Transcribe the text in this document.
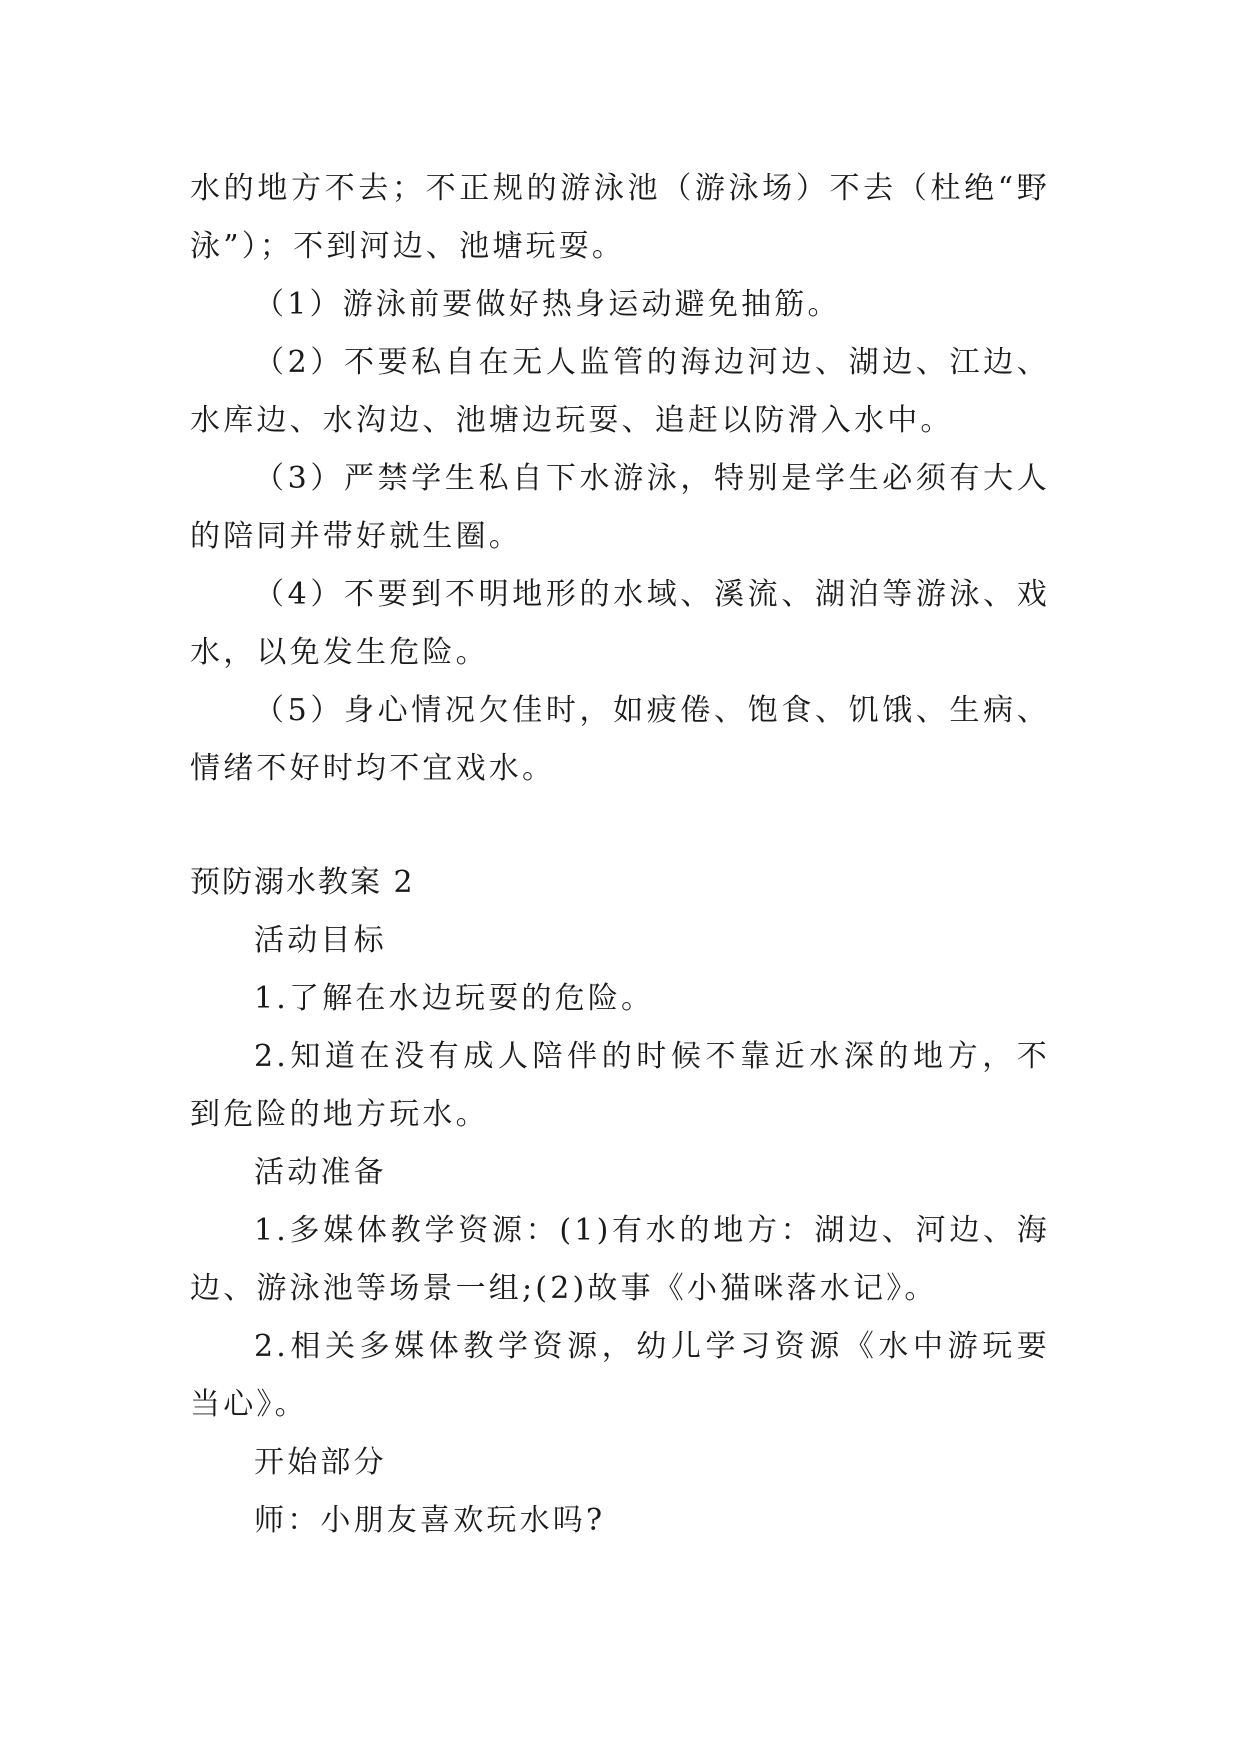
水的地方不去；不正规的游泳池（游泳场）不去（杜绝“野泳”）；不到河边、池塘玩耍。

（1）游泳前要做好热身运动避免抽筋。

（2）不要私自在无人监管的海边河边、湖边、江边、水库边、水沟边、池塘边玩耍、追赶以防滑入水中。

（3）严禁学生私自下水游泳，特别是学生必须有大人的陪同并带好就生圈。

（4）不要到不明地形的水域、溪流、湖泊等游泳、戏水，以免发生危险。

（5）身心情况欠佳时，如疲倦、饱食、饥饿、生病、情绪不好时均不宜戏水。

预防溺水教案 2

活动目标

1.了解在水边玩耍的危险。

2.知道在没有成人陪伴的时候不靠近水深的地方，不到危险的地方玩水。

活动准备

1.多媒体教学资源：(1)有水的地方：湖边、河边、海边、游泳池等场景一组;(2)故事《小猫咪落水记》。

2.相关多媒体教学资源，幼儿学习资源《水中游玩要当心》。

开始部分

师：小朋友喜欢玩水吗?
